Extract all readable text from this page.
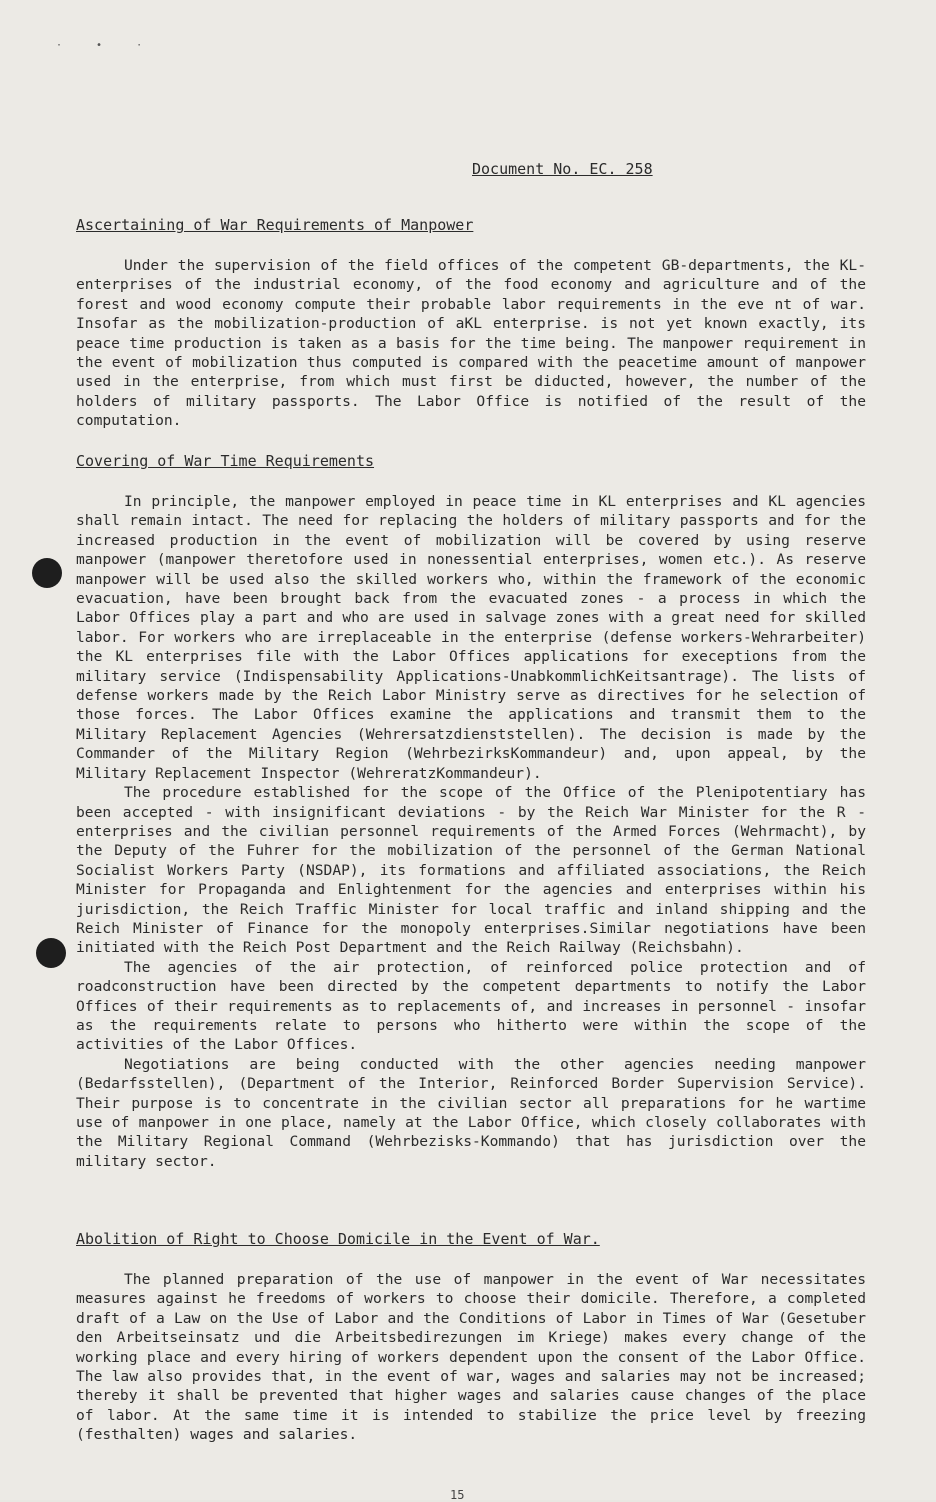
· • ·
Document No. EC. 258
Ascertaining of War Requirements of Manpower

Under the supervision of the field offices of the competent GB-departments, the KL-enterprises of the industrial economy, of the food economy and agriculture and of the forest and wood economy compute their probable labor requirements in the eve nt of war. Insofar as the mobilization-production of aKL enterprise. is not yet known exactly, its peace time production is taken as a basis for the time being. The manpower requirement in the event of mobilization thus computed is compared with the peacetime amount of manpower used in the enterprise, from which must first be diducted, however, the number of the holders of military passports. The Labor Office is notified of the result of the computation.

Covering of War Time Requirements

In principle, the manpower employed in peace time in KL enterprises and KL agencies shall remain intact. The need for replacing the holders of military passports and for the increased production in the event of mobilization will be covered by using reserve manpower (manpower theretofore used in nonessential enterprises, women etc.). As reserve manpower will be used also the skilled workers who, within the framework of the economic evacuation, have been brought back from the evacuated zones - a process in which the Labor Offices play a part and who are used in salvage zones with a great need for skilled labor. For workers who are irreplaceable in the enterprise (defense workers-Wehrarbeiter) the KL enterprises file with the Labor Offices applications for execeptions from the military service (Indispensability Applications-UnabkommlichKeitsantrage). The lists of defense workers made by the Reich Labor Ministry serve as directives for he selection of those forces. The Labor Offices examine the applications and transmit them to the Military Replacement Agencies (Wehrersatzdienststellen). The decision is made by the Commander of the Military Region (WehrbezirksKommandeur) and, upon appeal, by the Military Replacement Inspector (WehreratzKommandeur).

The procedure established for the scope of the Office of the Plenipotentiary has been accepted - with insignificant deviations - by the Reich War Minister for the R - enterprises and the civilian personnel requirements of the Armed Forces (Wehrmacht), by the Deputy of the Fuhrer for the mobilization of the personnel of the German National Socialist Workers Party (NSDAP), its formations and affiliated associations, the Reich Minister for Propaganda and Enlightenment for the agencies and enterprises within his jurisdiction, the Reich Traffic Minister for local traffic and inland shipping and the Reich Minister of Finance for the monopoly enterprises.Similar negotiations have been initiated with the Reich Post Department and the Reich Railway (Reichsbahn).

The agencies of the air protection, of reinforced police protection and of roadconstruction have been directed by the competent departments to notify the Labor Offices of their requirements as to replacements of, and increases in personnel - insofar as the requirements relate to persons who hitherto were within the scope of the activities of the Labor Offices.

Negotiations are being conducted with the other agencies needing manpower (Bedarfsstellen), (Department of the Interior, Reinforced Border Supervision Service). Their purpose is to concentrate in the civilian sector all preparations for he wartime use of manpower in one place, namely at the Labor Office, which closely collaborates with the Military Regional Command (Wehrbezisks-Kommando) that has jurisdiction over the military sector.

Abolition of Right to Choose Domicile in the Event of War.

The planned preparation of the use of manpower in the event of War necessitates measures against he freedoms of workers to choose their domicile. Therefore, a completed draft of a Law on the Use of Labor and the Conditions of Labor in Times of War (Gesetuber den Arbeitseinsatz und die Arbeitsbedirezungen im Kriege) makes every change of the working place and every hiring of workers dependent upon the consent of the Labor Office. The law also provides that, in the event of war, wages and salaries may not be increased; thereby it shall be prevented that higher wages and salaries cause changes of the place of labor. At the same time it is intended to stabilize the price level by freezing (festhalten) wages and salaries.

15
